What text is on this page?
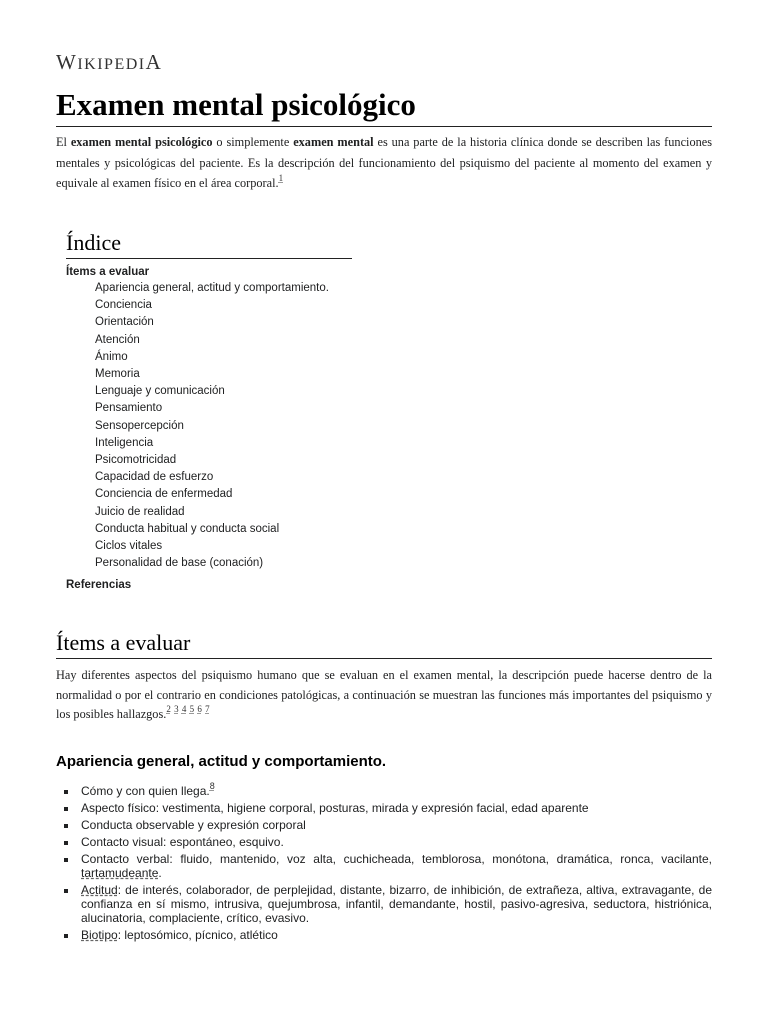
WIKIPEDIA
Examen mental psicológico

El examen mental psicológico o simplemente examen mental es una parte de la historia clínica donde se describen las funciones mentales y psicológicas del paciente. Es la descripción del funcionamiento del psiquismo del paciente al momento del examen y equivale al examen físico en el área corporal.$^1$

Índice
Ítems a evaluar
Apariencia general, actitud y comportamiento.
Conciencia
Orientación
Atención
Ánimo
Memoria
Lenguaje y comunicación
Pensamiento
Sensopercepción
Inteligencia
Psicomotricidad
Capacidad de esfuerzo
Conciencia de enfermedad
Juicio de realidad
Conducta habitual y conducta social
Ciclos vitales
Personalidad de base (conación)
Referencias
Ítems a evaluar

Hay diferentes aspectos del psiquismo humano que se evaluan en el examen mental, la descripción puede hacerse dentro de la normalidad o por el contrario en condiciones patológicas, a continuación se muestran las funciones más importantes del psiquismo y los posibles hallazgos.$^{2 3 4 5 6 7}$

Apariencia general, actitud y comportamiento.
Cómo y con quien llega.$^8$
Aspecto físico: vestimenta, higiene corporal, posturas, mirada y expresión facial, edad aparente
Conducta observable y expresión corporal
Contacto visual: espontáneo, esquivo.
Contacto verbal: fluido, mantenido, voz alta, cuchicheada, temblorosa, monótona, dramática, ronca, vacilante, tartamudeante.
Actitud: de interés, colaborador, de perplejidad, distante, bizarro, de inhibición, de extrañeza, altiva, extravagante, de confianza en sí mismo, intrusiva, quejumbrosa, infantil, demandante, hostil, pasivo-agresiva, seductora, histriónica, alucinatoria, complaciente, crítico, evasivo.
Biotipo: leptosómico, pícnico, atlético
